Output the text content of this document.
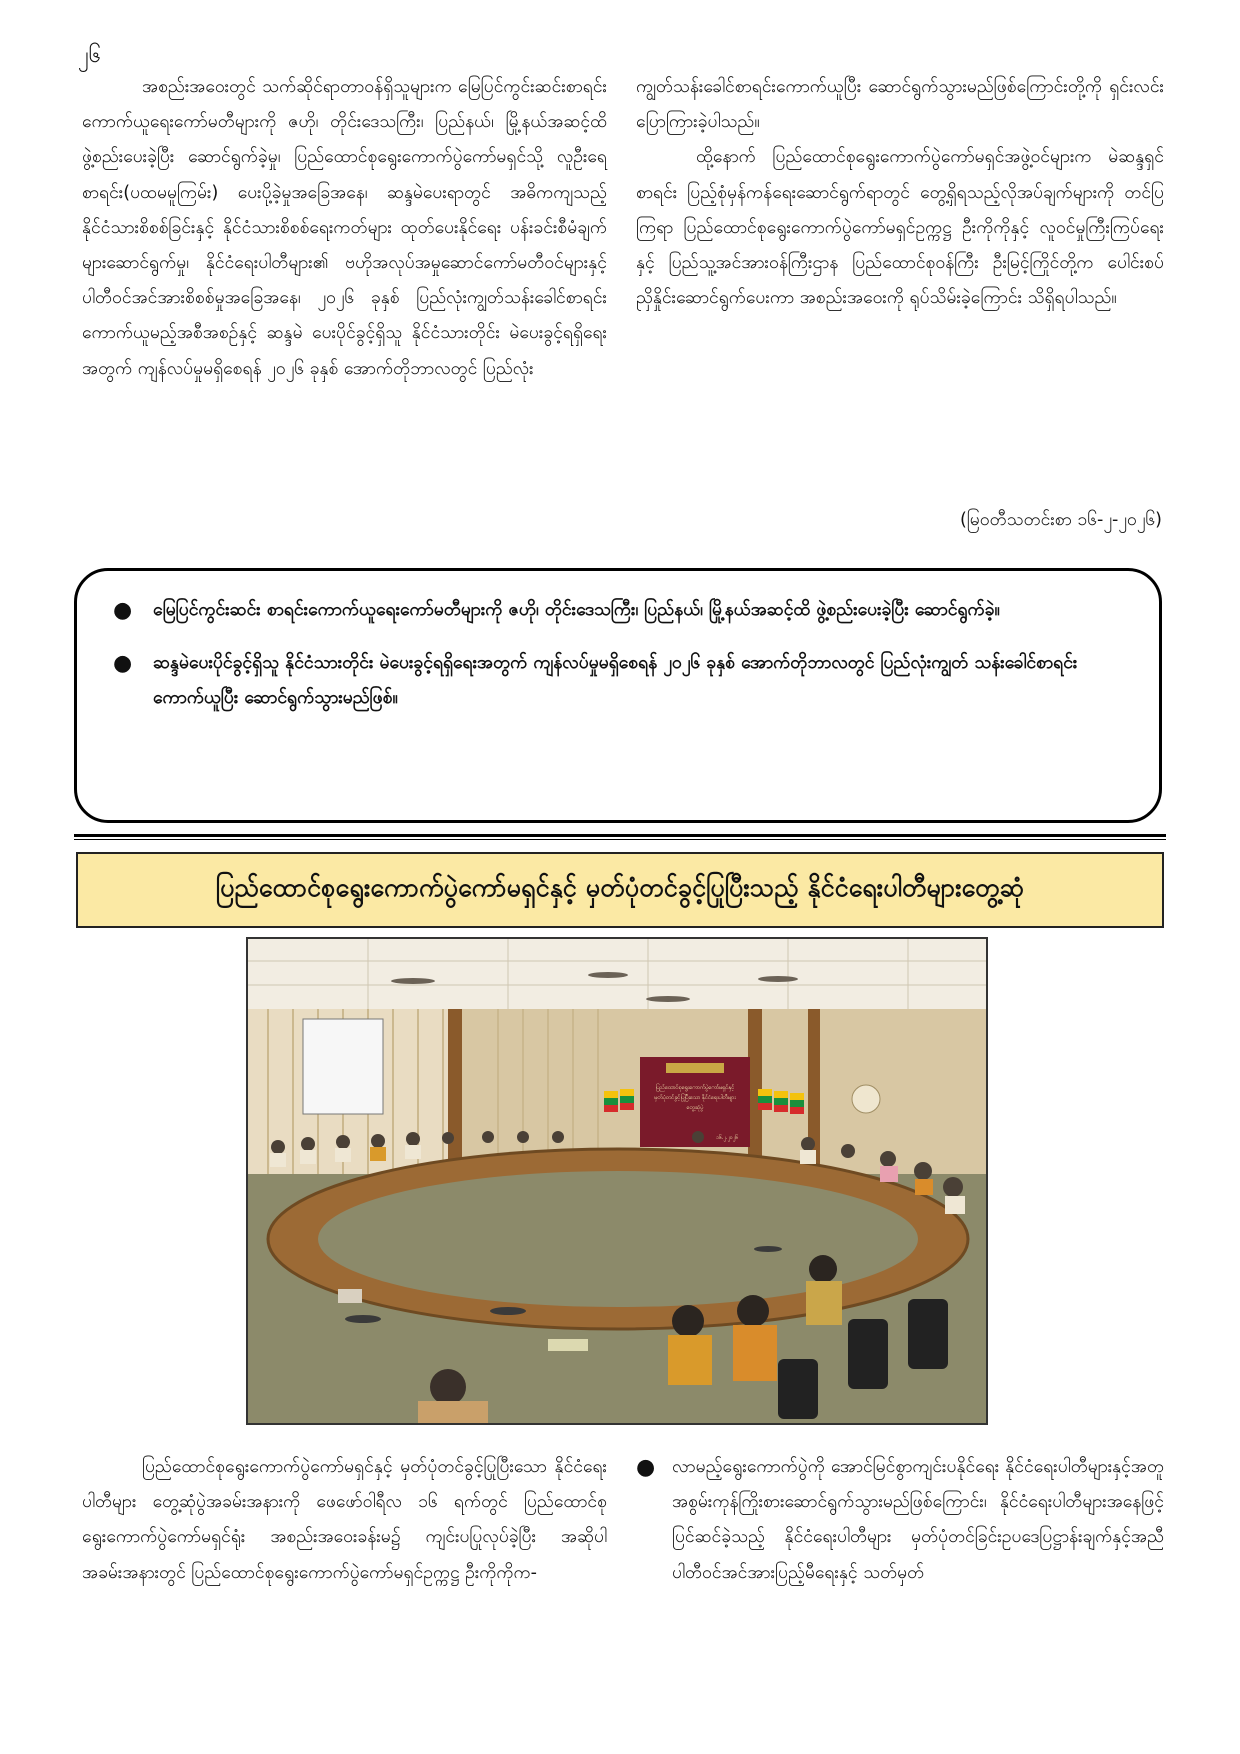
၂၆

အစည်းအဝေးတွင် သက်ဆိုင်ရာတာဝန်ရှိသူများက မြေပြင်ကွင်းဆင်းစာရင်းကောက်ယူရေးကော်မတီများကို ဇဟို၊ တိုင်းဒေသကြီး၊ ပြည်နယ်၊ မြို့နယ်အဆင့်ထိ ဖွဲ့စည်းပေးခဲ့ပြီး ဆောင်ရွက်ခဲ့မှု၊ ပြည်ထောင်စုရွေးကောက်ပွဲကော်မရှင်သို့ လူဦးရေစာရင်း(ပထမမူကြမ်း) ပေးပို့ခဲ့မှုအခြေအနေ၊ ဆန္ဒမဲပေးရာတွင် အဓိကကျသည့် နိုင်ငံသားစိစစ်ခြင်းနှင့် နိုင်ငံသားစိစစ်ရေးကတ်များ ထုတ်ပေးနိုင်ရေး ပန်းခင်းစီမံချက်များဆောင်ရွက်မှု၊ နိုင်ငံရေးပါတီများ၏ ဗဟိုအလုပ်အမှုဆောင်ကော်မတီဝင်များနှင့် ပါတီဝင်အင်အားစိစစ်မှုအခြေအနေ၊ ၂၀၂၆ ခုနှစ် ပြည်လုံးကျွတ်သန်းခေါင်စာရင်း ကောက်ယူမည့်အစီအစဉ်နှင့် ဆန္ဒမဲ ပေးပိုင်ခွင့်ရှိသူ နိုင်ငံသားတိုင်း မဲပေးခွင့်ရရှိရေးအတွက် ကျန်လပ်မှုမရှိစေရန် ၂၀၂၆ ခုနှစ် အောက်တိုဘာလတွင် ပြည်လုံး

ကျွတ်သန်းခေါင်စာရင်းကောက်ယူပြီး ဆောင်ရွက်သွားမည်ဖြစ်ကြောင်းတို့ကို ရှင်းလင်းပြောကြားခဲ့ပါသည်။

ထို့နောက် ပြည်ထောင်စုရွေးကောက်ပွဲကော်မရှင်အဖွဲ့ဝင်များက မဲဆန္ဒရှင်စာရင်း ပြည့်စုံမှန်ကန်ရေးဆောင်ရွက်ရာတွင် တွေ့ရှိရသည့်လိုအပ်ချက်များကို တင်ပြကြရာ ပြည်ထောင်စုရွေးကောက်ပွဲကော်မရှင်ဥက္ကဋ္ဌ ဦးကိုကိုနှင့် လူဝင်မှုကြီးကြပ်ရေးနှင့် ပြည်သူ့အင်အားဝန်ကြီးဌာန ပြည်ထောင်စုဝန်ကြီး ဦးမြင့်ကြိုင်တို့က ပေါင်းစပ်ညှိနှိုင်းဆောင်ရွက်ပေးကာ အစည်းအဝေးကို ရုပ်သိမ်းခဲ့ကြောင်း သိရှိရပါသည်။

(မြဝတီသတင်းစာ ၁၆-၂-၂၀၂၆)
● မြေပြင်ကွင်းဆင်း စာရင်းကောက်ယူရေးကော်မတီများကို ဇဟို၊ တိုင်းဒေသကြီး၊ ပြည်နယ်၊ မြို့နယ်အဆင့်ထိ ဖွဲ့စည်းပေးခဲ့ပြီး ဆောင်ရွက်ခဲ့။
● ဆန္ဒမဲပေးပိုင်ခွင့်ရှိသူ နိုင်ငံသားတိုင်း မဲပေးခွင့်ရရှိရေးအတွက် ကျန်လပ်မှုမရှိစေရန် ၂၀၂၆ ခုနှစ် အောက်တိုဘာလတွင် ပြည်လုံးကျွတ် သန်းခေါင်စာရင်းကောက်ယူပြီး ဆောင်ရွက်သွားမည်ဖြစ်။
ပြည်ထောင်စုရွေးကောက်ပွဲကော်မရှင်နှင့် မှတ်ပုံတင်ခွင့်ပြုပြီးသည့် နိုင်ငံရေးပါတီများတွေ့ဆုံ
ပြည်ထောင်စုရွေးကောက်ပွဲကော်မရှင်နှင့်
မှတ်ပုံတင်ခွင့်ပြုပြီးသော နိုင်ငံရေးပါတီများ
တွေ့ဆုံပွဲ
၁၆.၂.၂၀၂၆

ပြည်ထောင်စုရွေးကောက်ပွဲကော်မရှင်နှင့် မှတ်ပုံတင်ခွင့်ပြုပြီးသော နိုင်ငံရေးပါတီများ တွေ့ဆုံပွဲအခမ်းအနားကို ဖေဖော်ဝါရီလ ၁၆ ရက်တွင် ပြည်ထောင်စုရွေးကောက်ပွဲကော်မရှင်ရုံး အစည်းအဝေးခန်းမ၌ ကျင်းပပြုလုပ်ခဲ့ပြီး အဆိုပါအခမ်းအနားတွင် ပြည်ထောင်စုရွေးကောက်ပွဲကော်မရှင်ဥက္ကဋ္ဌ ဦးကိုကိုက-

● လာမည့်ရွေးကောက်ပွဲကို အောင်မြင်စွာကျင်းပနိုင်ရေး နိုင်ငံရေးပါတီများနှင့်အတူ အစွမ်းကုန်ကြိုးစားဆောင်ရွက်သွားမည်ဖြစ်ကြောင်း၊ နိုင်ငံရေးပါတီများအနေဖြင့် ပြင်ဆင်ခဲ့သည့် နိုင်ငံရေးပါတီများ မှတ်ပုံတင်ခြင်းဥပဒေပြဋ္ဌာန်းချက်နှင့်အညီ ပါတီဝင်အင်အားပြည့်မီရေးနှင့် သတ်မှတ်
